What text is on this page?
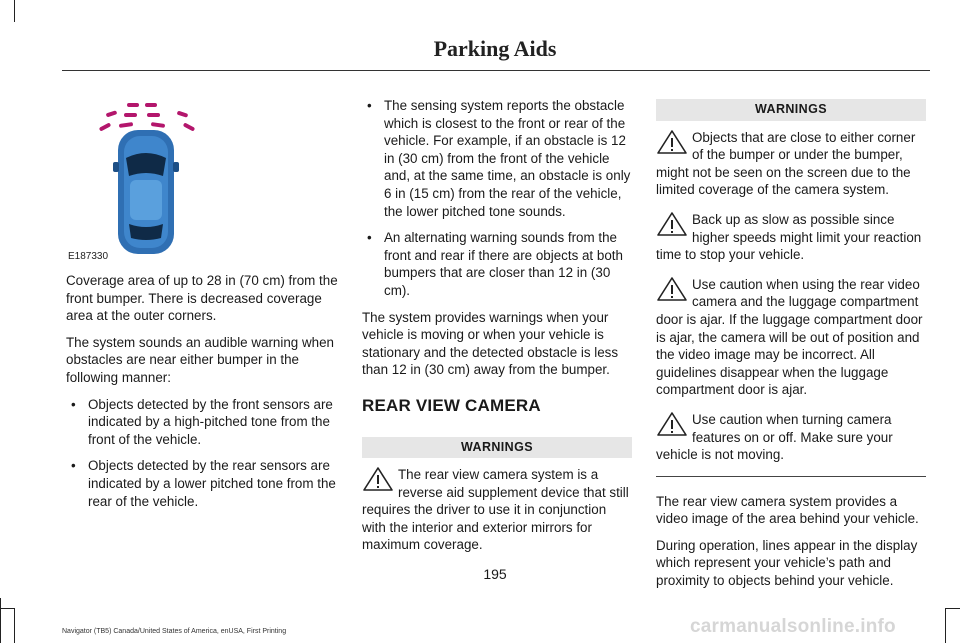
Parking Aids
E187330

Coverage area of up to 28 in (70 cm) from the front bumper. There is decreased coverage area at the outer corners.

The system sounds an audible warning when obstacles are near either bumper in the following manner:

• Objects detected by the front sensors are indicated by a high-pitched tone from the front of the vehicle.
• Objects detected by the rear sensors are indicated by a lower pitched tone from the rear of the vehicle.
• The sensing system reports the obstacle which is closest to the front or rear of the vehicle. For example, if an obstacle is 12 in (30 cm) from the front of the vehicle and, at the same time, an obstacle is only 6 in (15 cm) from the rear of the vehicle, the lower pitched tone sounds.
• An alternating warning sounds from the front and rear if there are objects at both bumpers that are closer than 12 in (30 cm).

The system provides warnings when your vehicle is moving or when your vehicle is stationary and the detected obstacle is less than 12 in (30 cm) away from the bumper.

REAR VIEW CAMERA
WARNINGS
The rear view camera system is a reverse aid supplement device that still requires the driver to use it in conjunction with the interior and exterior mirrors for maximum coverage.
WARNINGS
Objects that are close to either corner of the bumper or under the bumper, might not be seen on the screen due to the limited coverage of the camera system.
Back up as slow as possible since higher speeds might limit your reaction time to stop your vehicle.
Use caution when using the rear video camera and the luggage compartment door is ajar. If the luggage compartment door is ajar, the camera will be out of position and the video image may be incorrect. All guidelines disappear when the luggage compartment door is ajar.
Use caution when turning camera features on or off. Make sure your vehicle is not moving.

The rear view camera system provides a video image of the area behind your vehicle.

During operation, lines appear in the display which represent your vehicle’s path and proximity to objects behind your vehicle.

195
Navigator (TB5) Canada/United States of America, enUSA, First Printing	carmanualsonline.info
